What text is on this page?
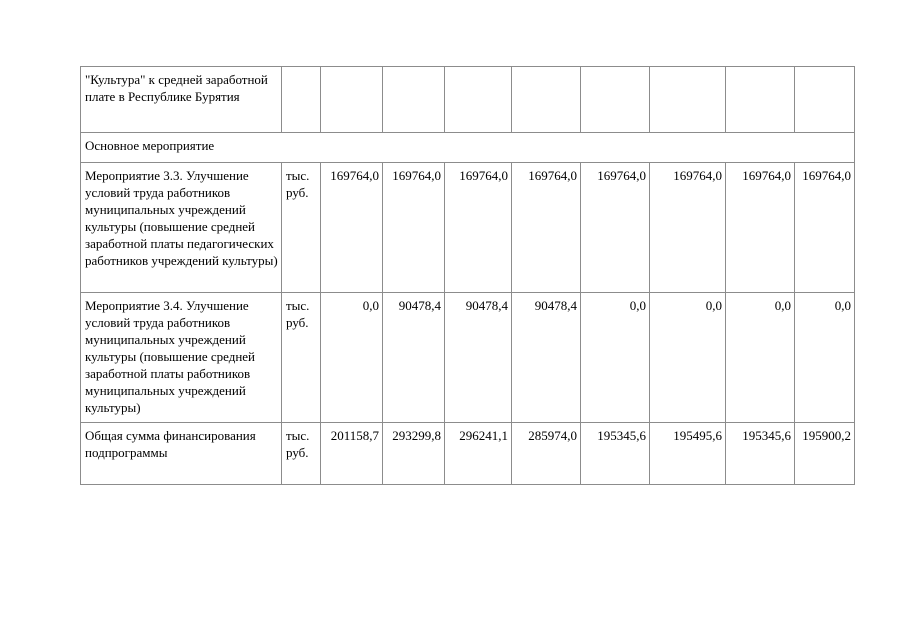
"Культура" к средней заработной плате в Республике Бурятия									
Основное мероприятие									
Мероприятие 3.3. Улучшение условий труда работников муниципальных учреждений культуры (повышение средней заработной платы педагогических работников учреждений культуры)	тыс. руб.	169764,0	169764,0	169764,0	169764,0	169764,0	169764,0	169764,0	169764,0
Мероприятие 3.4. Улучшение условий труда работников муниципальных учреждений культуры (повышение средней заработной платы работников муниципальных учреждений культуры)	тыс. руб.	0,0	90478,4	90478,4	90478,4	0,0	0,0	0,0	0,0
Общая сумма финансирования подпрограммы	тыс. руб.	201158,7	293299,8	296241,1	285974,0	195345,6	195495,6	195345,6	195900,2
